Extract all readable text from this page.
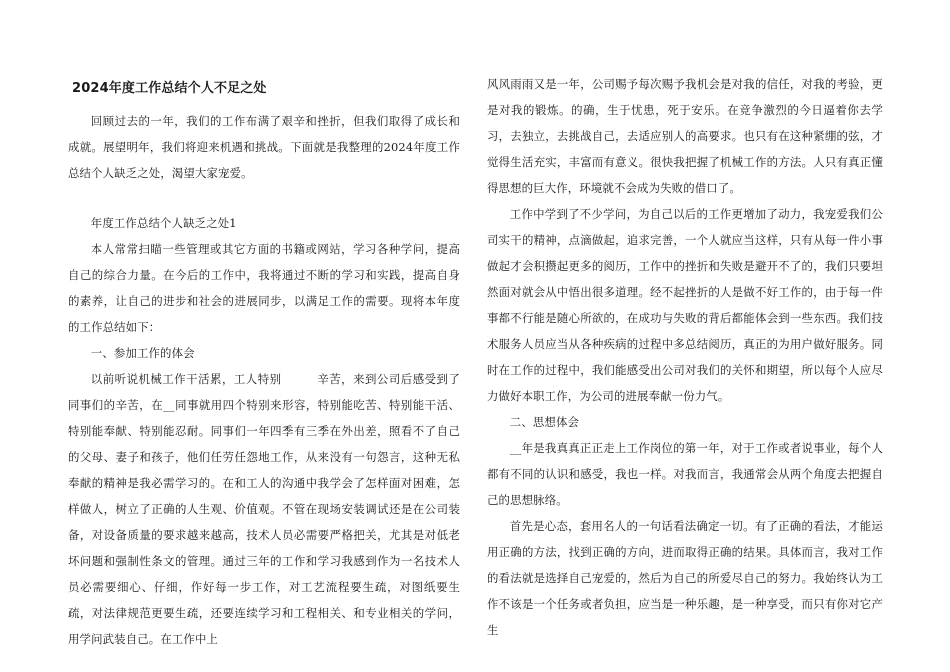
2024年度工作总结个人不足之处

回顾过去的一年，我们的工作布满了艰辛和挫折，但我们取得了成长和成就。展望明年，我们将迎来机遇和挑战。下面就是我整理的2024年度工作总结个人缺乏之处，渴望大家宠爱。

年度工作总结个人缺乏之处1

本人常常扫瞄一些管理或其它方面的书籍或网站，学习各种学问，提高自己的综合力量。在今后的工作中，我将通过不断的学习和实践，提高自身的素养，让自己的进步和社会的进展同步，以满足工作的需要。现将本年度的工作总结如下：

一、参加工作的体会

以前听说机械工作干活累，工人特别　　　辛苦，来到公司后感受到了同事们的辛苦，在__同事就用四个特别来形容，特别能吃苦、特别能干活、特别能奉献、特别能忍耐。同事们一年四季有三季在外出差，照看不了自己的父母、妻子和孩子，他们任劳任怨地工作，从来没有一句怨言，这种无私奉献的精神是我必需学习的。在和工人的沟通中我学会了怎样面对困难，怎样做人，树立了正确的人生观、价值观。不管在现场安装调试还是在公司装备，对设备质量的要求越来越高，技术人员必需要严格把关，尤其是对低老坏问题和强制性条文的管理。通过三年的工作和学习我感到作为一名技术人员必需要细心、仔细，作好每一步工作，对工艺流程要生疏，对图纸要生疏，对法律规范更要生疏，还要连续学习和工程相关、和专业相关的学问，用学问武装自己。在工作中上

风风雨雨又是一年，公司赐予每次赐予我机会是对我的信任，对我的考验，更是对我的锻炼。的确，生于忧患，死于安乐。在竞争激烈的今日逼着你去学习，去独立，去挑战自己，去适应别人的高要求。也只有在这种紧绷的弦，才觉得生活充实，丰富而有意义。很快我把握了机械工作的方法。人只有真正懂得思想的巨大作，环境就不会成为失败的借口了。

工作中学到了不少学问，为自己以后的工作更增加了动力，我宠爱我们公司实干的精神，点滴做起，追求完善，一个人就应当这样，只有从每一件小事做起才会积攒起更多的阅历，工作中的挫折和失败是避开不了的，我们只要坦然面对就会从中悟出很多道理。经不起挫折的人是做不好工作的，由于每一件事都不行能是随心所欲的，在成功与失败的背后都能体会到一些东西。我们技术服务人员应当从各种疾病的过程中多总结阅历，真正的为用户做好服务。同时在工作的过程中，我们能感受出公司对我们的关怀和期望，所以每个人应尽力做好本职工作，为公司的进展奉献一份力气。

二、思想体会

__年是我真真正正走上工作岗位的第一年，对于工作或者说事业，每个人都有不同的认识和感受，我也一样。对我而言，我通常会从两个角度去把握自己的思想脉络。

首先是心态，套用名人的一句话看法确定一切。有了正确的看法，才能运用正确的方法，找到正确的方向，进而取得正确的结果。具体而言，我对工作的看法就是选择自己宠爱的，然后为自己的所爱尽自己的努力。我始终认为工作不该是一个任务或者负担，应当是一种乐趣，是一种享受，而只有你对它产生
